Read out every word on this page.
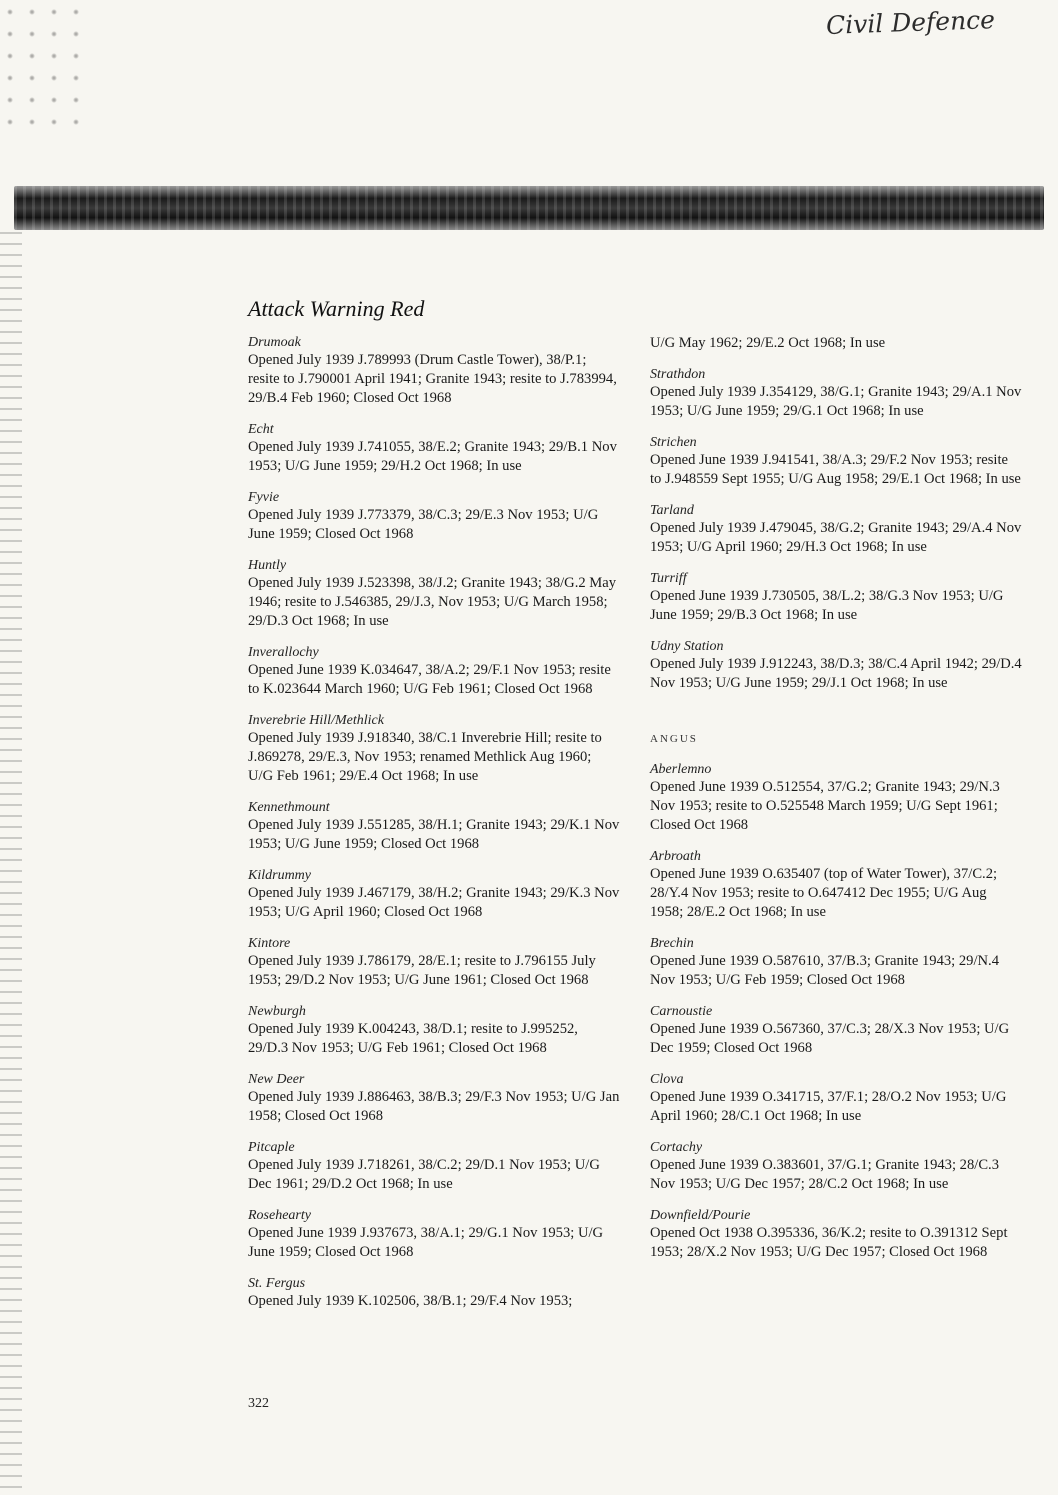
Civil Defence
Attack Warning Red
Drumoak
Opened July 1939 J.789993 (Drum Castle Tower), 38/P.1; resite to J.790001 April 1941; Granite 1943; resite to J.783994, 29/B.4 Feb 1960; Closed Oct 1968
Echt
Opened July 1939 J.741055, 38/E.2; Granite 1943; 29/B.1 Nov 1953; U/G June 1959; 29/H.2 Oct 1968; In use
Fyvie
Opened July 1939 J.773379, 38/C.3; 29/E.3 Nov 1953; U/G June 1959; Closed Oct 1968
Huntly
Opened July 1939 J.523398, 38/J.2; Granite 1943; 38/G.2 May 1946; resite to J.546385, 29/J.3, Nov 1953; U/G March 1958; 29/D.3 Oct 1968; In use
Inverallochy
Opened June 1939 K.034647, 38/A.2; 29/F.1 Nov 1953; resite to K.023644 March 1960; U/G Feb 1961; Closed Oct 1968
Inverebrie Hill/Methlick
Opened July 1939 J.918340, 38/C.1 Inverebrie Hill; resite to J.869278, 29/E.3, Nov 1953; renamed Methlick Aug 1960; U/G Feb 1961; 29/E.4 Oct 1968; In use
Kennethmount
Opened July 1939 J.551285, 38/H.1; Granite 1943; 29/K.1 Nov 1953; U/G June 1959; Closed Oct 1968
Kildrummy
Opened July 1939 J.467179, 38/H.2; Granite 1943; 29/K.3 Nov 1953; U/G April 1960; Closed Oct 1968
Kintore
Opened July 1939 J.786179, 28/E.1; resite to J.796155 July 1953; 29/D.2 Nov 1953; U/G June 1961; Closed Oct 1968
Newburgh
Opened July 1939 K.004243, 38/D.1; resite to J.995252, 29/D.3 Nov 1953; U/G Feb 1961; Closed Oct 1968
New Deer
Opened July 1939 J.886463, 38/B.3; 29/F.3 Nov 1953; U/G Jan 1958; Closed Oct 1968
Pitcaple
Opened July 1939 J.718261, 38/C.2; 29/D.1 Nov 1953; U/G Dec 1961; 29/D.2 Oct 1968; In use
Rosehearty
Opened June 1939 J.937673, 38/A.1; 29/G.1 Nov 1953; U/G June 1959; Closed Oct 1968
St. Fergus
Opened July 1939 K.102506, 38/B.1; 29/F.4 Nov 1953;
U/G May 1962; 29/E.2 Oct 1968; In use
Strathdon
Opened July 1939 J.354129, 38/G.1; Granite 1943; 29/A.1 Nov 1953; U/G June 1959; 29/G.1 Oct 1968; In use
Strichen
Opened June 1939 J.941541, 38/A.3; 29/F.2 Nov 1953; resite to J.948559 Sept 1955; U/G Aug 1958; 29/E.1 Oct 1968; In use
Tarland
Opened July 1939 J.479045, 38/G.2; Granite 1943; 29/A.4 Nov 1953; U/G April 1960; 29/H.3 Oct 1968; In use
Turriff
Opened June 1939 J.730505, 38/L.2; 38/G.3 Nov 1953; U/G June 1959; 29/B.3 Oct 1968; In use
Udny Station
Opened July 1939 J.912243, 38/D.3; 38/C.4 April 1942; 29/D.4 Nov 1953; U/G June 1959; 29/J.1 Oct 1968; In use
ANGUS
Aberlemno
Opened June 1939 O.512554, 37/G.2; Granite 1943; 29/N.3 Nov 1953; resite to O.525548 March 1959; U/G Sept 1961; Closed Oct 1968
Arbroath
Opened June 1939 O.635407 (top of Water Tower), 37/C.2; 28/Y.4 Nov 1953; resite to O.647412 Dec 1955; U/G Aug 1958; 28/E.2 Oct 1968; In use
Brechin
Opened June 1939 O.587610, 37/B.3; Granite 1943; 29/N.4 Nov 1953; U/G Feb 1959; Closed Oct 1968
Carnoustie
Opened June 1939 O.567360, 37/C.3; 28/X.3 Nov 1953; U/G Dec 1959; Closed Oct 1968
Clova
Opened June 1939 O.341715, 37/F.1; 28/O.2 Nov 1953; U/G April 1960; 28/C.1 Oct 1968; In use
Cortachy
Opened June 1939 O.383601, 37/G.1; Granite 1943; 28/C.3 Nov 1953; U/G Dec 1957; 28/C.2 Oct 1968; In use
Downfield/Pourie
Opened Oct 1938 O.395336, 36/K.2; resite to O.391312 Sept 1953; 28/X.2 Nov 1953; U/G Dec 1957; Closed Oct 1968
322
